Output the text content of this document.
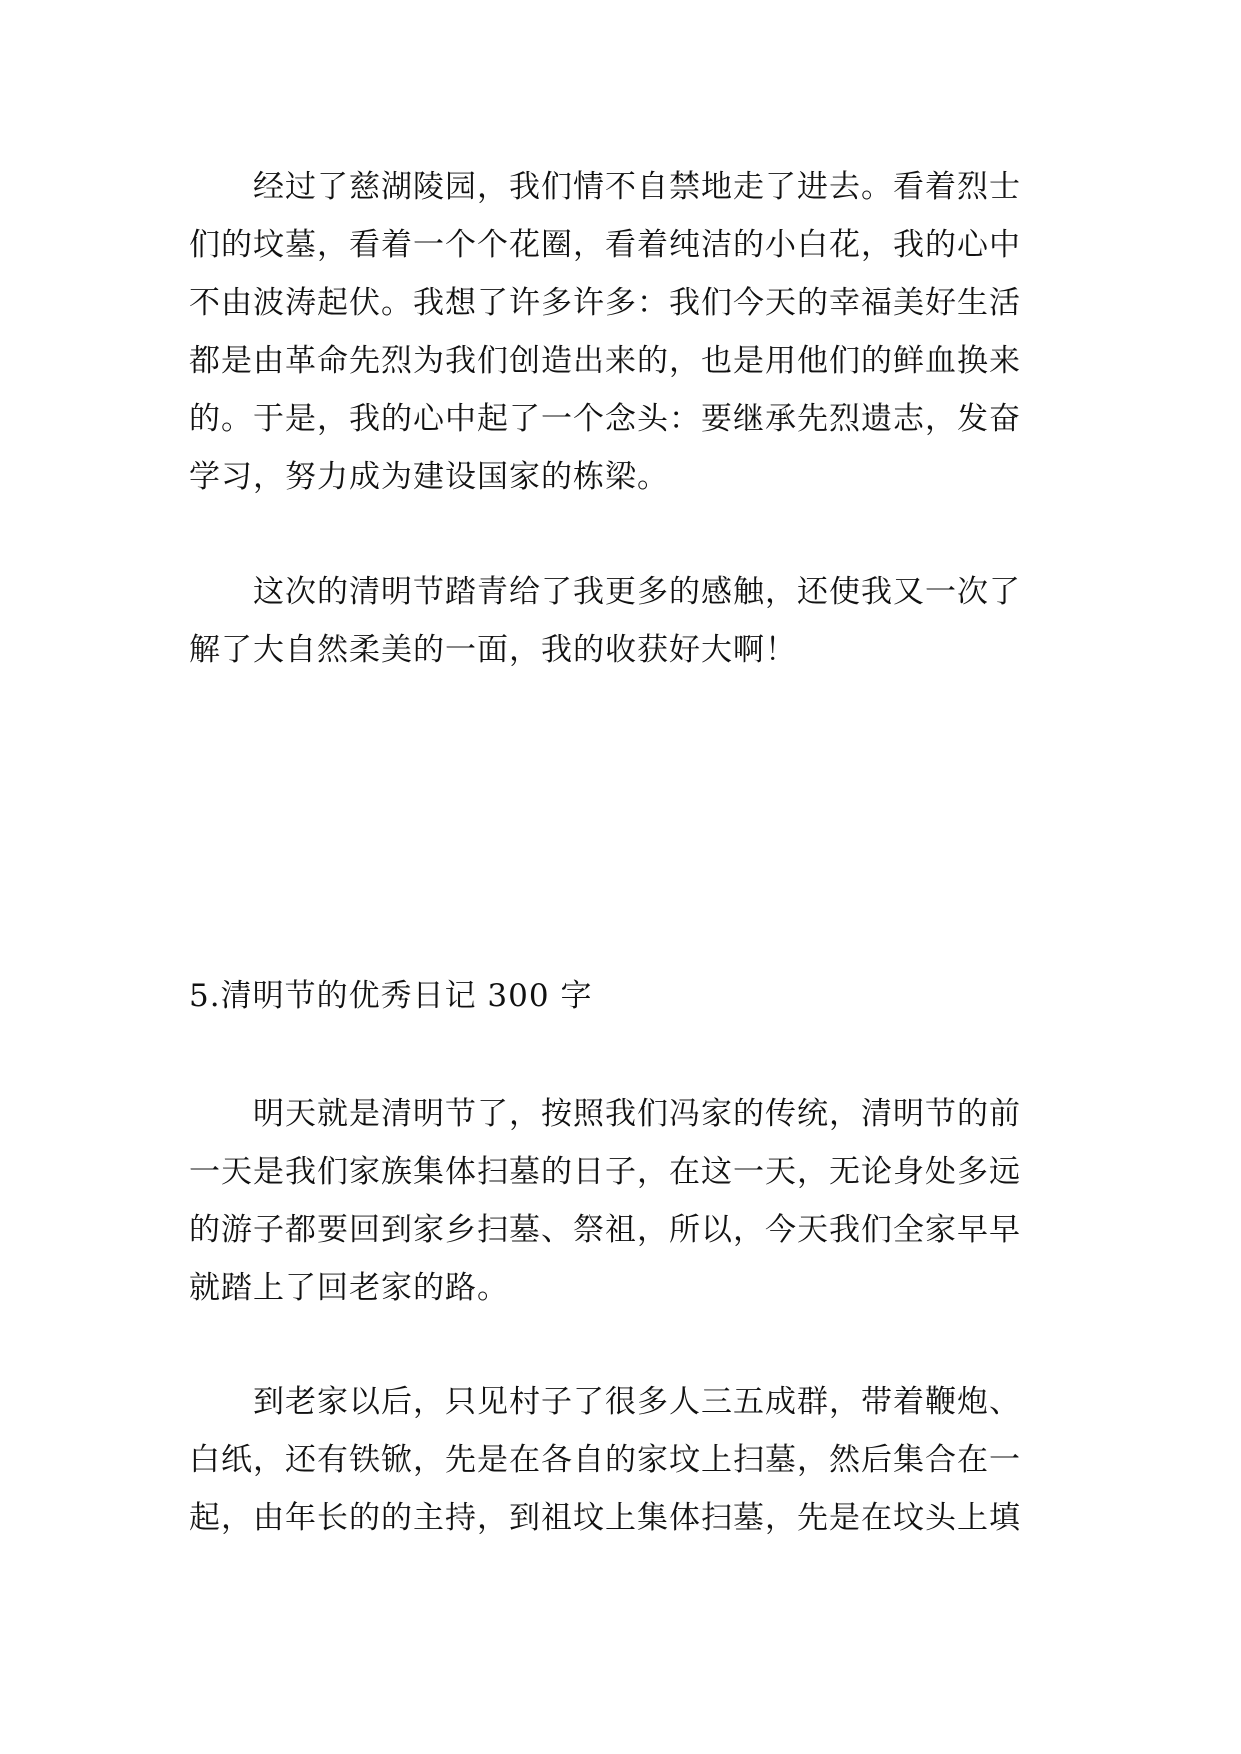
　　经过了慈湖陵园，我们情不自禁地走了进去。看着烈士
们的坟墓，看着一个个花圈，看着纯洁的小白花，我的心中
不由波涛起伏。我想了许多许多：我们今天的幸福美好生活
都是由革命先烈为我们创造出来的，也是用他们的鲜血换来
的。于是，我的心中起了一个念头：要继承先烈遗志，发奋
学习，努力成为建设国家的栋梁。

　　这次的清明节踏青给了我更多的感触，还使我又一次了
解了大自然柔美的一面，我的收获好大啊！

5.清明节的优秀日记 300 字

　　明天就是清明节了，按照我们冯家的传统，清明节的前
一天是我们家族集体扫墓的日子，在这一天，无论身处多远
的游子都要回到家乡扫墓、祭祖，所以，今天我们全家早早
就踏上了回老家的路。

　　到老家以后，只见村子了很多人三五成群，带着鞭炮、
白纸，还有铁锨，先是在各自的家坟上扫墓，然后集合在一
起，由年长的的主持，到祖坟上集体扫墓，先是在坟头上填
